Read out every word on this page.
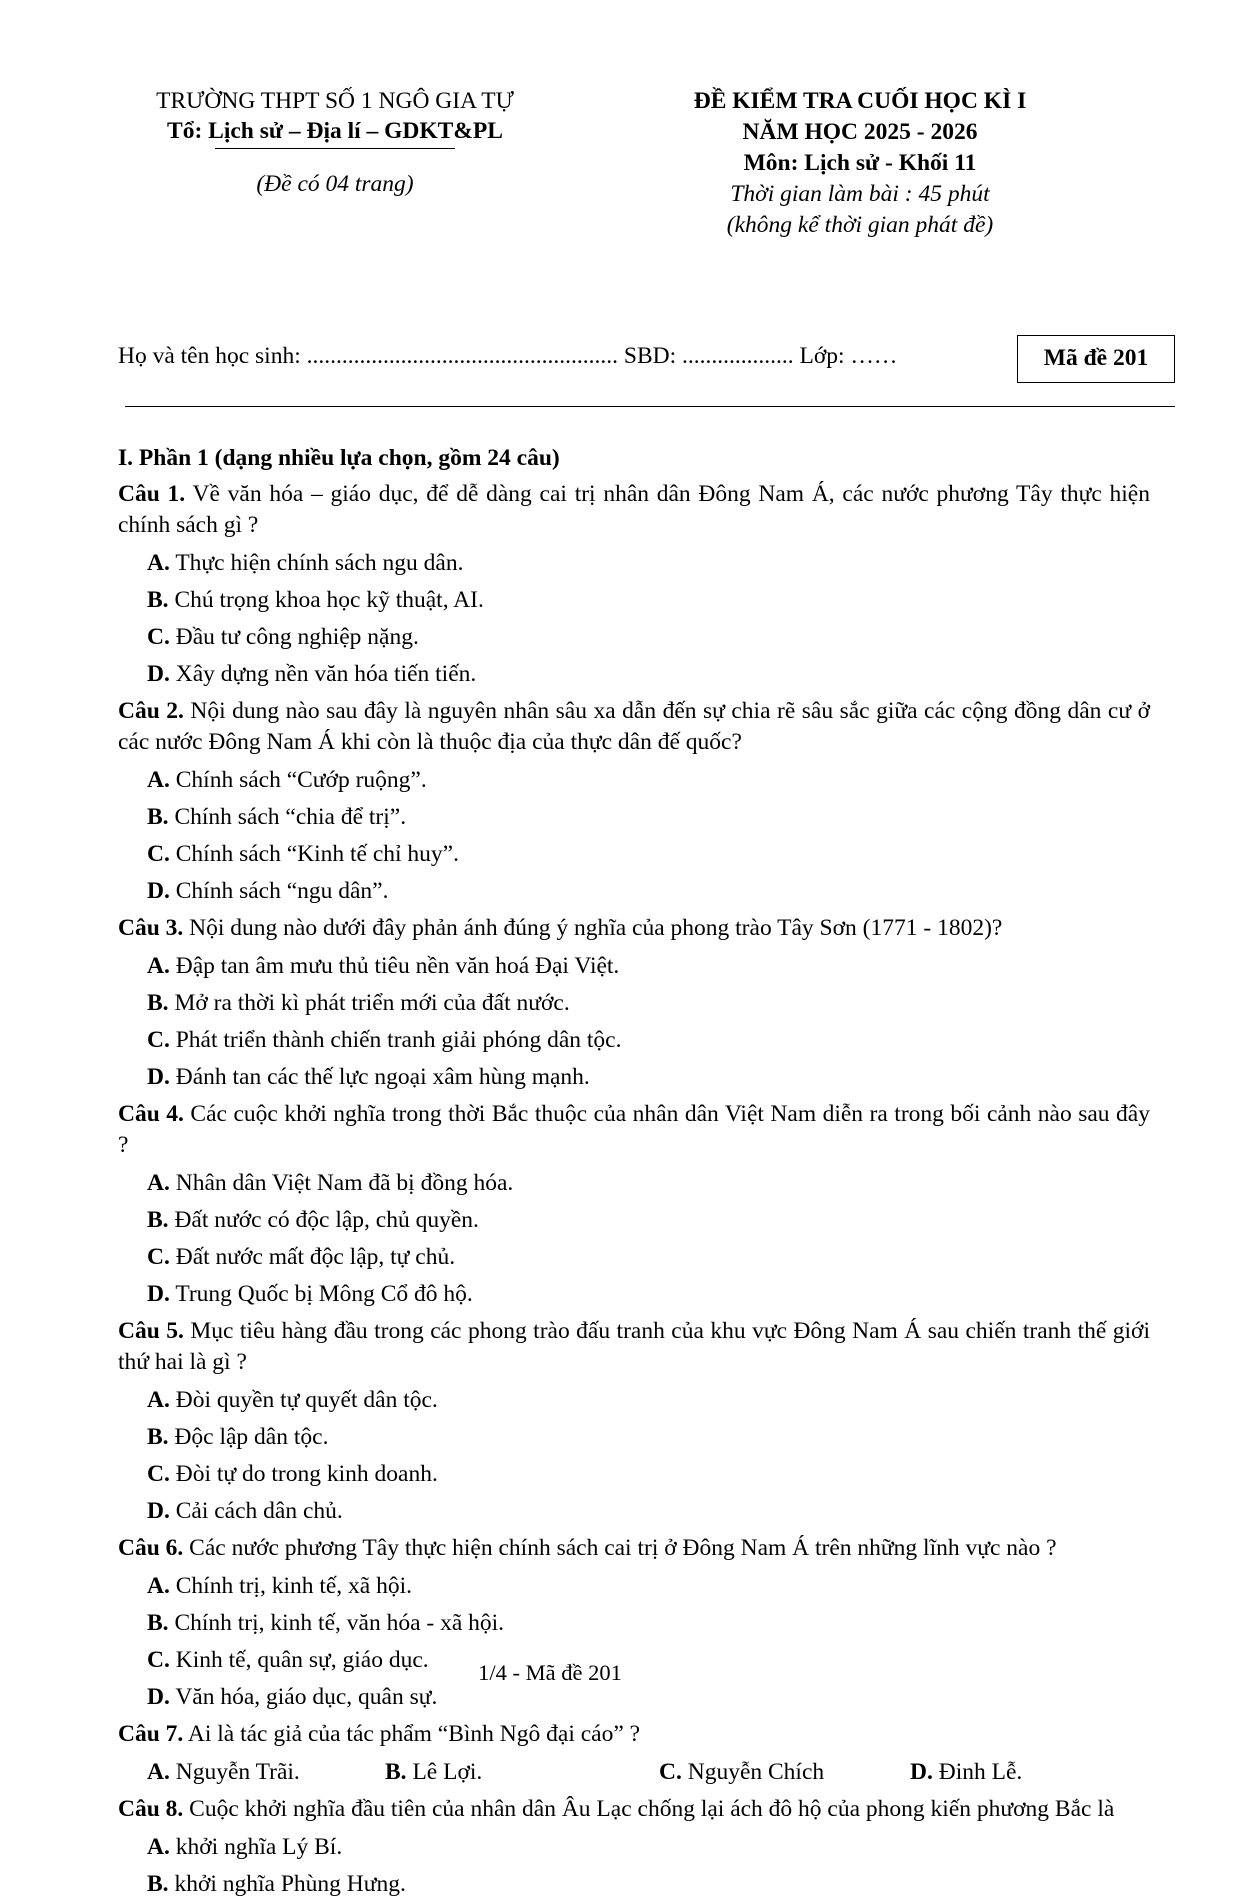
TRƯỜNG THPT SỐ 1 NGÔ GIA TỰ
Tổ: Lịch sử – Địa lí – GDKT&PL
(Đề có 04 trang)
ĐỀ KIỂM TRA CUỐI HỌC KÌ I
NĂM HỌC 2025 - 2026
Môn: Lịch sử - Khối 11
Thời gian làm bài : 45 phút
(không kể thời gian phát đề)
Họ và tên học sinh: ..................................................... SBD: ................... Lớp: ……	Mã đề 201
I. Phần 1 (dạng nhiều lựa chọn, gồm 24 câu)
Câu 1. Về văn hóa – giáo dục, để dễ dàng cai trị nhân dân Đông Nam Á, các nước phương Tây thực hiện chính sách gì ?
A. Thực hiện chính sách ngu dân.
B. Chú trọng khoa học kỹ thuật, AI.
C. Đầu tư công nghiệp nặng.
D. Xây dựng nền văn hóa tiến tiến.
Câu 2. Nội dung nào sau đây là nguyên nhân sâu xa dẫn đến sự chia rẽ sâu sắc giữa các cộng đồng dân cư ở các nước Đông Nam Á khi còn là thuộc địa của thực dân đế quốc?
A. Chính sách “Cướp ruộng”.
B. Chính sách “chia để trị”.
C. Chính sách “Kinh tế chỉ huy”.
D. Chính sách “ngu dân”.
Câu 3. Nội dung nào dưới đây phản ánh đúng ý nghĩa của phong trào Tây Sơn (1771 - 1802)?
A. Đập tan âm mưu thủ tiêu nền văn hoá Đại Việt.
B. Mở ra thời kì phát triển mới của đất nước.
C. Phát triển thành chiến tranh giải phóng dân tộc.
D. Đánh tan các thế lực ngoại xâm hùng mạnh.
Câu 4. Các cuộc khởi nghĩa trong thời Bắc thuộc của nhân dân Việt Nam diễn ra trong bối cảnh nào sau đây ?
A. Nhân dân Việt Nam đã bị đồng hóa.
B. Đất nước có độc lập, chủ quyền.
C. Đất nước mất độc lập, tự chủ.
D. Trung Quốc bị Mông Cổ đô hộ.
Câu 5. Mục tiêu hàng đầu trong các phong trào đấu tranh của khu vực Đông Nam Á sau chiến tranh thế giới thứ hai là gì ?
A. Đòi quyền tự quyết dân tộc.
B. Độc lập dân tộc.
C. Đòi tự do trong kinh doanh.
D. Cải cách dân chủ.
Câu 6. Các nước phương Tây thực hiện chính sách cai trị ở Đông Nam Á trên những lĩnh vực nào ?
A. Chính trị, kinh tế, xã hội.
B. Chính trị, kinh tế, văn hóa - xã hội.
C. Kinh tế, quân sự, giáo dục.
D. Văn hóa, giáo dục, quân sự.
Câu 7. Ai là tác giả của tác phẩm “Bình Ngô đại cáo” ?
A. Nguyễn Trãi.	B. Lê Lợi.	C. Nguyễn Chích	D. Đinh Lễ.
Câu 8. Cuộc khởi nghĩa đầu tiên của nhân dân Âu Lạc chống lại ách đô hộ của phong kiến phương Bắc là
A. khởi nghĩa Lý Bí.
B. khởi nghĩa Phùng Hưng.
1/4 - Mã đề 201
